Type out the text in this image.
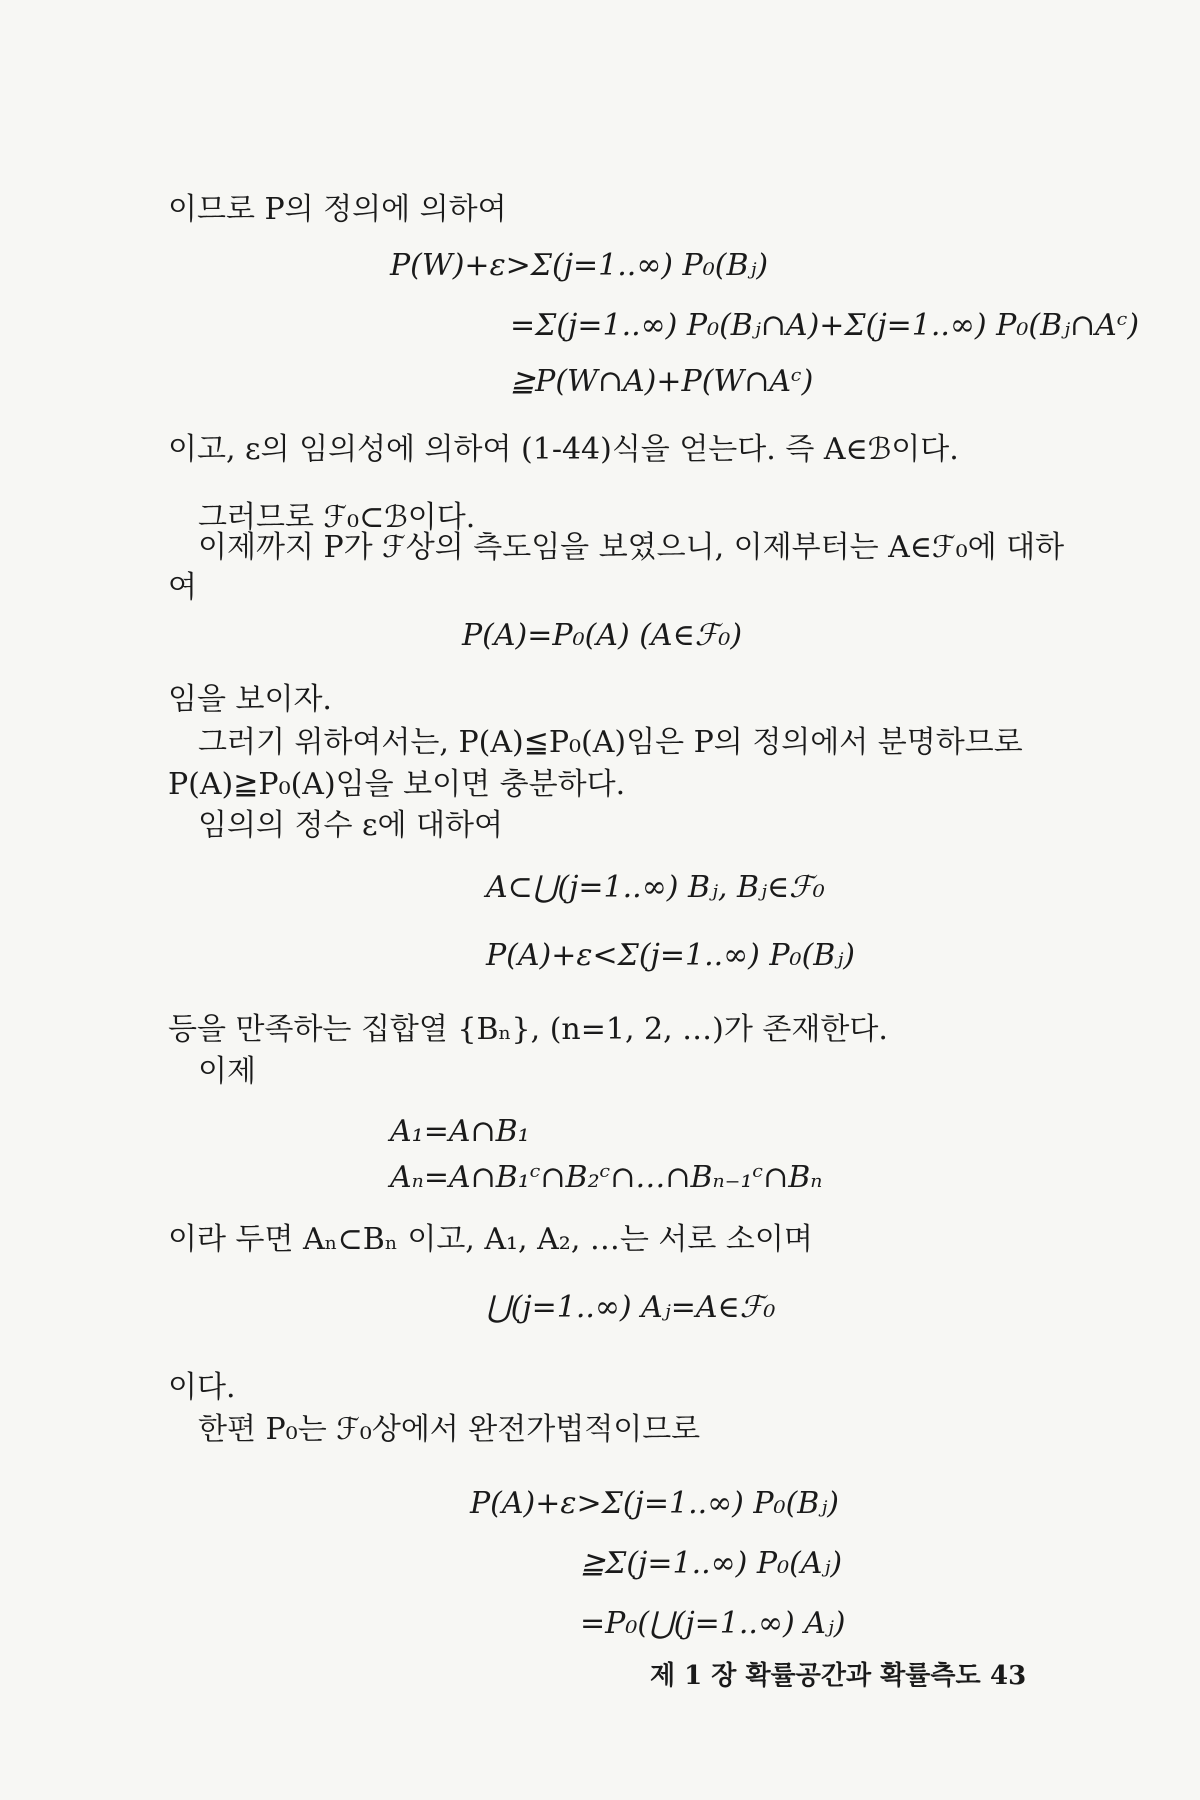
이므로 P의 정의에 의하여
P(W)+ε>Σ(j=1..∞) P₀(Bⱼ)
=Σ(j=1..∞) P₀(Bⱼ∩A)+Σ(j=1..∞) P₀(Bⱼ∩Aᶜ)
≧P(W∩A)+P(W∩Aᶜ)
이고, ε의 임의성에 의하여 (1-44)식을 얻는다. 즉 A∈ℬ이다.
그러므로 ℱ₀⊂ℬ이다.
이제까지 P가 ℱ상의 측도임을 보였으니, 이제부터는 A∈ℱ₀에 대하
여
P(A)=P₀(A) (A∈ℱ₀)
임을 보이자.
그러기 위하여서는, P(A)≦P₀(A)임은 P의 정의에서 분명하므로
P(A)≧P₀(A)임을 보이면 충분하다.
임의의 정수 ε에 대하여
A⊂⋃(j=1..∞) Bⱼ, Bⱼ∈ℱ₀
P(A)+ε<Σ(j=1..∞) P₀(Bⱼ)
등을 만족하는 집합열 {Bₙ}, (n=1, 2, …)가 존재한다.
이제
A₁=A∩B₁
Aₙ=A∩B₁ᶜ∩B₂ᶜ∩…∩Bₙ₋₁ᶜ∩Bₙ
이라 두면 Aₙ⊂Bₙ 이고, A₁, A₂, …는 서로 소이며
⋃(j=1..∞) Aⱼ=A∈ℱ₀
이다.
한편 P₀는 ℱ₀상에서 완전가법적이므로
P(A)+ε>Σ(j=1..∞) P₀(Bⱼ)
≧Σ(j=1..∞) P₀(Aⱼ)
=P₀(⋃(j=1..∞) Aⱼ)
제 1 장 확률공간과 확률측도 43
